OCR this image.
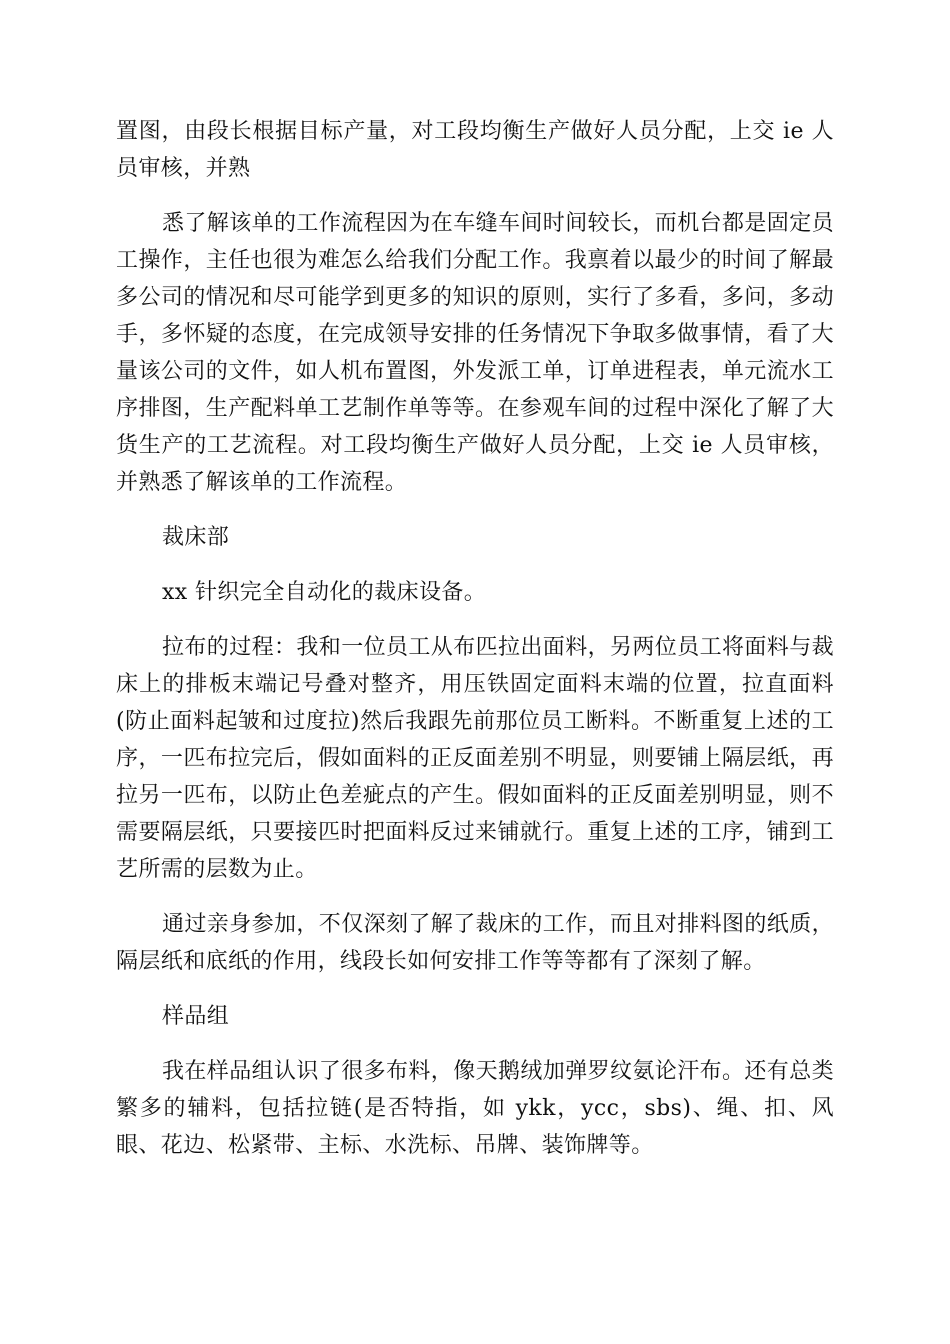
置图，由段长根据目标产量，对工段均衡生产做好人员分配，上交 ie 人员审核，并熟

悉了解该单的工作流程因为在车缝车间时间较长，而机台都是固定员工操作，主任也很为难怎么给我们分配工作。我禀着以最少的时间了解最多公司的情况和尽可能学到更多的知识的原则，实行了多看，多问，多动手，多怀疑的态度，在完成领导安排的任务情况下争取多做事情，看了大量该公司的文件，如人机布置图，外发派工单，订单进程表，单元流水工序排图，生产配料单工艺制作单等等。在参观车间的过程中深化了解了大货生产的工艺流程。对工段均衡生产做好人员分配，上交 ie 人员审核，并熟悉了解该单的工作流程。

裁床部

xx 针织完全自动化的裁床设备。

拉布的过程：我和一位员工从布匹拉出面料，另两位员工将面料与裁床上的排板末端记号叠对整齐，用压铁固定面料末端的位置，拉直面料(防止面料起皱和过度拉)然后我跟先前那位员工断料。不断重复上述的工序，一匹布拉完后，假如面料的正反面差别不明显，则要铺上隔层纸，再拉另一匹布，以防止色差疵点的产生。假如面料的正反面差别明显，则不需要隔层纸，只要接匹时把面料反过来铺就行。重复上述的工序，铺到工艺所需的层数为止。

通过亲身参加，不仅深刻了解了裁床的工作，而且对排料图的纸质，隔层纸和底纸的作用，线段长如何安排工作等等都有了深刻了解。

样品组

我在样品组认识了很多布料，像天鹅绒加弹罗纹氨论汗布。还有总类繁多的辅料，包括拉链(是否特指，如 ykk，ycc，sbs)、绳、扣、风眼、花边、松紧带、主标、水洗标、吊牌、装饰牌等。
